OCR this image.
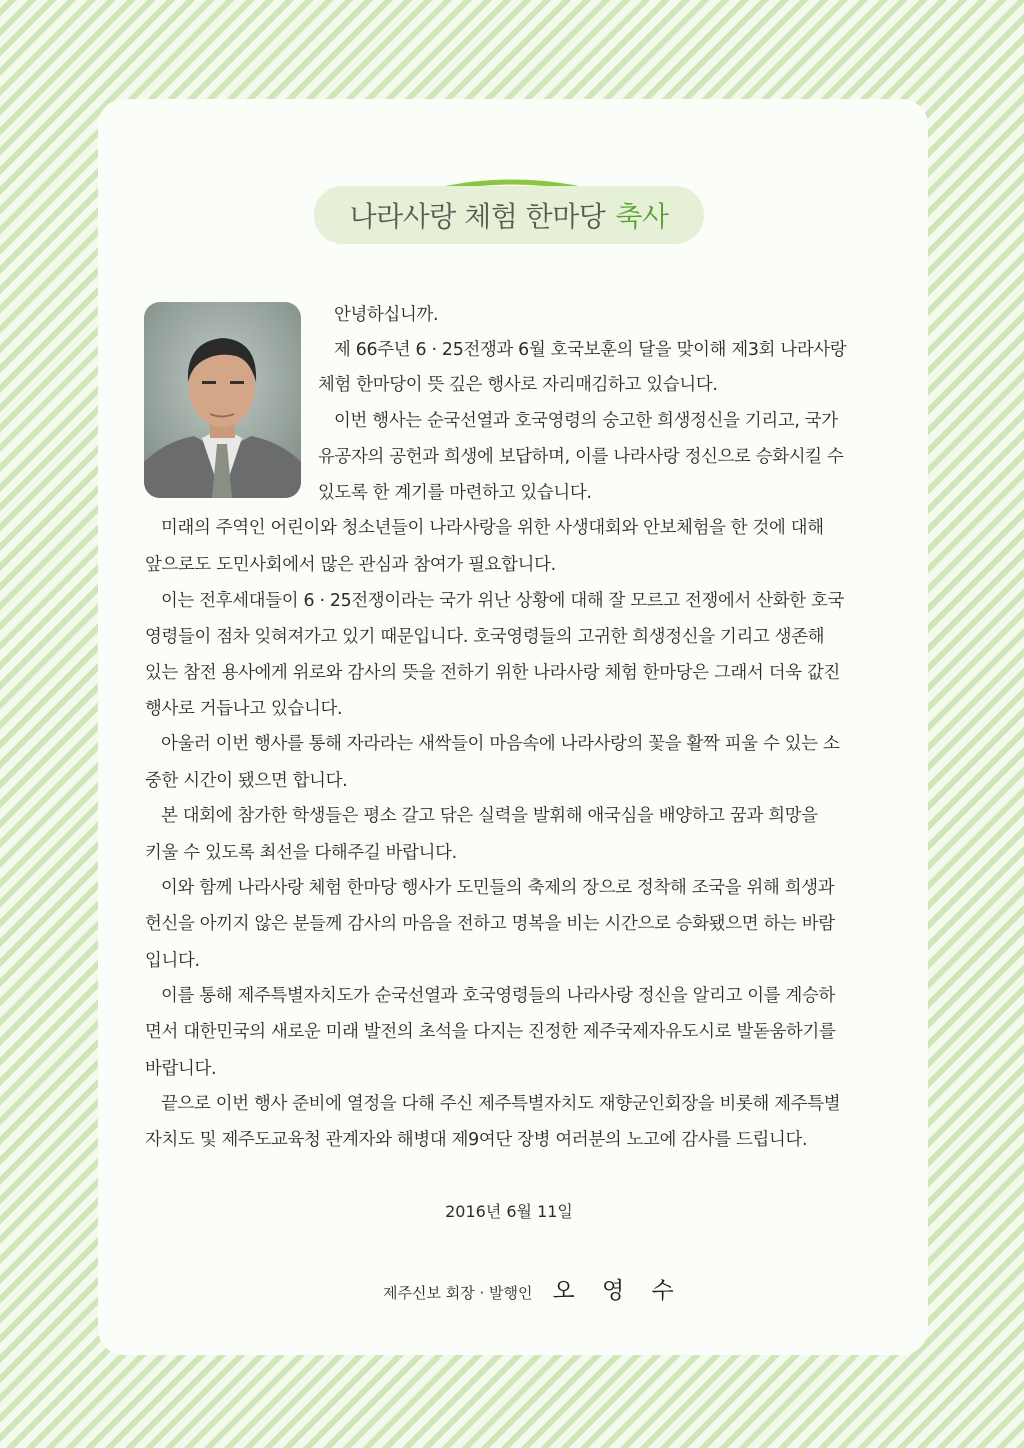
나라사랑 체험 한마당 축사
안녕하십니까.
제 66주년 6 · 25전쟁과 6월 호국보훈의 달을 맞이해 제3회 나라사랑
체험 한마당이 뜻 깊은 행사로 자리매김하고 있습니다.
이번 행사는 순국선열과 호국영령의 숭고한 희생정신을 기리고, 국가
유공자의 공헌과 희생에 보답하며, 이를 나라사랑 정신으로 승화시킬 수
있도록 한 계기를 마련하고 있습니다.
미래의 주역인 어린이와 청소년들이 나라사랑을 위한 사생대회와 안보체험을 한 것에 대해
앞으로도 도민사회에서 많은 관심과 참여가 필요합니다.
이는 전후세대들이 6 · 25전쟁이라는 국가 위난 상황에 대해 잘 모르고 전쟁에서 산화한 호국
영령들이 점차 잊혀져가고 있기 때문입니다. 호국영령들의 고귀한 희생정신을 기리고 생존해
있는 참전 용사에게 위로와 감사의 뜻을 전하기 위한 나라사랑 체험 한마당은 그래서 더욱 값진
행사로 거듭나고 있습니다.
아울러 이번 행사를 통해 자라라는 새싹들이 마음속에 나라사랑의 꽃을 활짝 피울 수 있는 소
중한 시간이 됐으면 합니다.
본 대회에 참가한 학생들은 평소 갈고 닦은 실력을 발휘해 애국심을 배양하고 꿈과 희망을
키울 수 있도록 최선을 다해주길 바랍니다.
이와 함께 나라사랑 체험 한마당 행사가 도민들의 축제의 장으로 정착해 조국을 위해 희생과
헌신을 아끼지 않은 분들께 감사의 마음을 전하고 명복을 비는 시간으로 승화됐으면 하는 바람
입니다.
이를 통해 제주특별자치도가 순국선열과 호국영령들의 나라사랑 정신을 알리고 이를 계승하
면서 대한민국의 새로운 미래 발전의 초석을 다지는 진정한 제주국제자유도시로 발돋움하기를
바랍니다.
끝으로 이번 행사 준비에 열정을 다해 주신 제주특별자치도 재향군인회장을 비롯해 제주특별
자치도 및 제주도교육청 관계자와 해병대 제9여단 장병 여러분의 노고에 감사를 드립니다.
2016년 6월 11일
제주신보 회장 · 발행인 오 영 수
